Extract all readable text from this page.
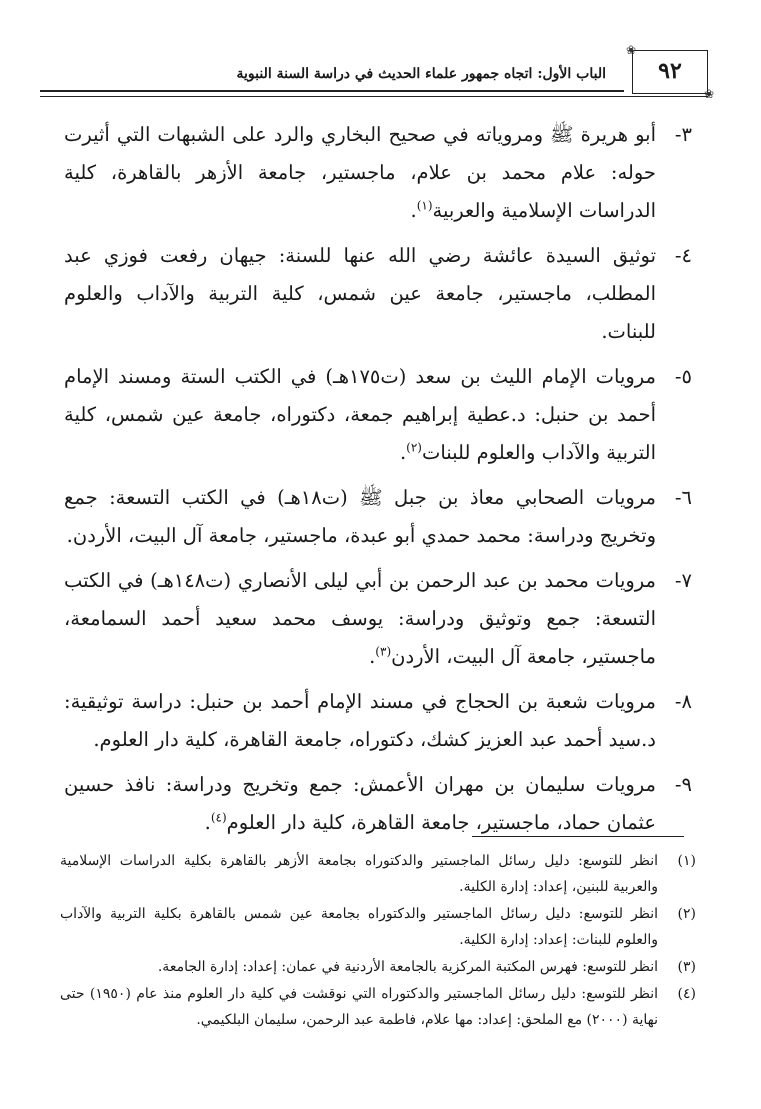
الباب الأول: اتجاه جمهور علماء الحديث في دراسة السنة النبوية
❀
٩٢
❀
٣-
أبو هريرة ﷺ ومروياته في صحيح البخاري والرد على الشبهات التي أثيرت حوله: علام محمد بن علام، ماجستير، جامعة الأزهر بالقاهرة، كلية الدراسات الإسلامية والعربية$^{(١)}$.
٤-
توثيق السيدة عائشة رضي الله عنها للسنة: جيهان رفعت فوزي عبد المطلب، ماجستير، جامعة عين شمس، كلية التربية والآداب والعلوم للبنات.
٥-
مرويات الإمام الليث بن سعد (ت١٧٥هـ) في الكتب الستة ومسند الإمام أحمد بن حنبل: د.عطية إبراهيم جمعة، دكتوراه، جامعة عين شمس، كلية التربية والآداب والعلوم للبنات$^{(٢)}$.
٦-
مرويات الصحابي معاذ بن جبل ﷺ (ت١٨هـ) في الكتب التسعة: جمع وتخريج ودراسة: محمد حمدي أبو عبدة، ماجستير، جامعة آل البيت، الأردن.
٧-
مرويات محمد بن عبد الرحمن بن أبي ليلى الأنصاري (ت١٤٨هـ) في الكتب التسعة: جمع وتوثيق ودراسة: يوسف محمد سعيد أحمد السمامعة، ماجستير، جامعة آل البيت، الأردن$^{(٣)}$.
٨-
مرويات شعبة بن الحجاج في مسند الإمام أحمد بن حنبل: دراسة توثيقية: د.سيد أحمد عبد العزيز كشك، دكتوراه، جامعة القاهرة، كلية دار العلوم.
٩-
مرويات سليمان بن مهران الأعمش: جمع وتخريج ودراسة: نافذ حسين عثمان حماد، ماجستير، جامعة القاهرة، كلية دار العلوم$^{(٤)}$.
(١)
انظر للتوسع: دليل رسائل الماجستير والدكتوراه بجامعة الأزهر بالقاهرة بكلية الدراسات الإسلامية والعربية للبنين، إعداد: إدارة الكلية.
(٢)
انظر للتوسع: دليل رسائل الماجستير والدكتوراه بجامعة عين شمس بالقاهرة بكلية التربية والآداب والعلوم للبنات: إعداد: إدارة الكلية.
(٣)
انظر للتوسع: فهرس المكتبة المركزية بالجامعة الأردنية في عمان: إعداد: إدارة الجامعة.
(٤)
انظر للتوسع: دليل رسائل الماجستير والدكتوراه التي نوقشت في كلية دار العلوم منذ عام (١٩٥٠) حتى نهاية (٢٠٠٠) مع الملحق: إعداد: مها علام، فاطمة عبد الرحمن، سليمان البلكيمي.
